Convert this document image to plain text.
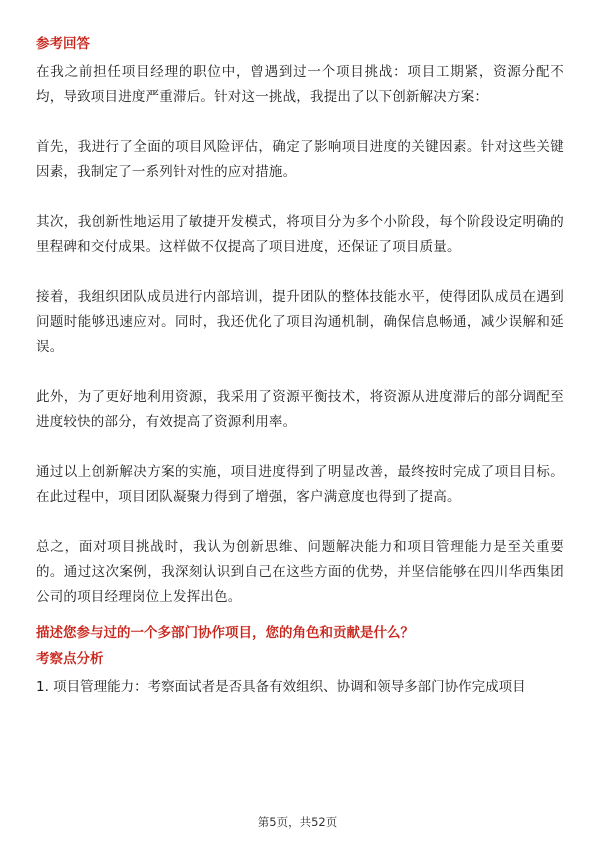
参考回答

在我之前担任项目经理的职位中，曾遇到过一个项目挑战：项目工期紧，资源分配不均，导致项目进度严重滞后。针对这一挑战，我提出了以下创新解决方案：

首先，我进行了全面的项目风险评估，确定了影响项目进度的关键因素。针对这些关键因素，我制定了一系列针对性的应对措施。

其次，我创新性地运用了敏捷开发模式，将项目分为多个小阶段，每个阶段设定明确的里程碑和交付成果。这样做不仅提高了项目进度，还保证了项目质量。

接着，我组织团队成员进行内部培训，提升团队的整体技能水平，使得团队成员在遇到问题时能够迅速应对。同时，我还优化了项目沟通机制，确保信息畅通，减少误解和延误。

此外，为了更好地利用资源，我采用了资源平衡技术，将资源从进度滞后的部分调配至进度较快的部分，有效提高了资源利用率。

通过以上创新解决方案的实施，项目进度得到了明显改善，最终按时完成了项目目标。在此过程中，项目团队凝聚力得到了增强，客户满意度也得到了提高。

总之，面对项目挑战时，我认为创新思维、问题解决能力和项目管理能力是至关重要的。通过这次案例，我深刻认识到自己在这些方面的优势，并坚信能够在四川华西集团公司的项目经理岗位上发挥出色。

描述您参与过的一个多部门协作项目，您的角色和贡献是什么？

考察点分析

1. 项目管理能力：考察面试者是否具备有效组织、协调和领导多部门协作完成项目

第5页，共52页
